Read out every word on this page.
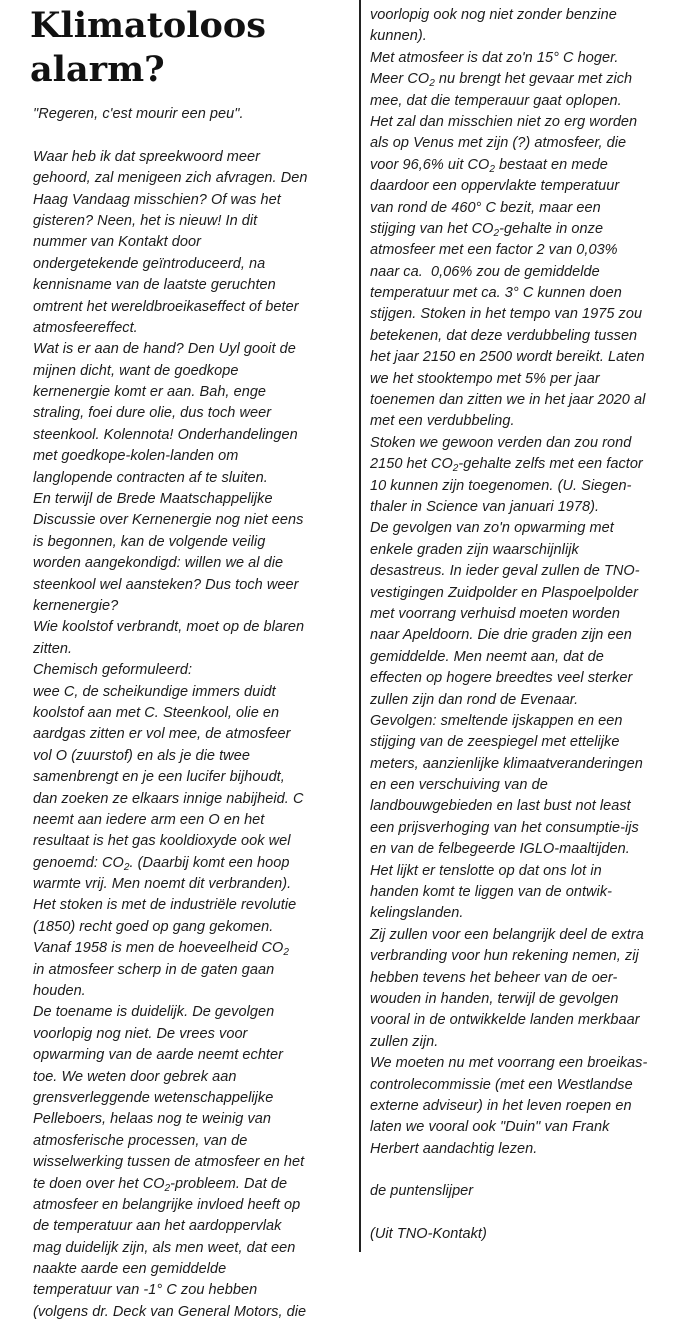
Klimatoloos alarm?
"Regeren, c'est mourir een peu".
Waar heb ik dat spreekwoord meer
gehoord, zal menigeen zich afvragen. Den
Haag Vandaag misschien? Of was het
gisteren? Neen, het is nieuw! In dit
nummer van Kontakt door
ondergetekende geïntroduceerd, na
kennisname van de laatste geruchten
omtrent het wereldbroeikaseffect of beter
atmosfeereffect.
Wat is er aan de hand? Den Uyl gooit de
mijnen dicht, want de goedkope
kernenergie komt er aan. Bah, enge
straling, foei dure olie, dus toch weer
steenkool. Kolennota! Onderhandelingen
met goedkope-kolen-landen om
langlopende contracten af te sluiten.
En terwijl de Brede Maatschappelijke
Discussie over Kernenergie nog niet eens
is begonnen, kan de volgende veilig
worden aangekondigd: willen we al die
steenkool wel aansteken? Dus toch weer
kernenergie?
Wie koolstof verbrandt, moet op de blaren
zitten.
Chemisch geformuleerd:
wee C, de scheikundige immers duidt
koolstof aan met C. Steenkool, olie en
aardgas zitten er vol mee, de atmosfeer
vol O (zuurstof) en als je die twee
samenbrengt en je een lucifer bijhoudt,
dan zoeken ze elkaars innige nabijheid. C
neemt aan iedere arm een O en het
resultaat is het gas kooldioxyde ook wel
genoemd: $CO_2$. (Daarbij komt een hoop
warmte vrij. Men noemt dit verbranden).
Het stoken is met de industriële revolutie
(1850) recht goed op gang gekomen.
Vanaf 1958 is men de hoeveelheid $CO_2$
in atmosfeer scherp in de gaten gaan
houden.
De toename is duidelijk. De gevolgen
voorlopig nog niet. De vrees voor
opwarming van de aarde neemt echter
toe. We weten door gebrek aan
grensverleggende wetenschappelijke
Pelleboers, helaas nog te weinig van
atmosferische processen, van de
wisselwerking tussen de atmosfeer en het
te doen over het $CO_2$-probleem. Dat de
atmosfeer en belangrijke invloed heeft op
de temperatuur aan het aardoppervlak
mag duidelijk zijn, als men weet, dat een
naakte aarde een gemiddelde
temperatuur van -1° C zou hebben
(volgens dr. Deck van General Motors, die
voorlopig ook nog niet zonder benzine
kunnen).
Met atmosfeer is dat zo'n 15° C hoger.
Meer $CO_2$ nu brengt het gevaar met zich
mee, dat die temperauur gaat oplopen.
Het zal dan misschien niet zo erg worden
als op Venus met zijn (?) atmosfeer, die
voor 96,6% uit $CO_2$ bestaat en mede
daardoor een oppervlakte temperatuur
van rond de 460° C bezit, maar een
stijging van het $CO_2$-gehalte in onze
atmosfeer met een factor 2 van 0,03%
naar ca.  0,06% zou de gemiddelde
temperatuur met ca. 3° C kunnen doen
stijgen. Stoken in het tempo van 1975 zou
betekenen, dat deze verdubbeling tussen
het jaar 2150 en 2500 wordt bereikt. Laten
we het stooktempo met 5% per jaar
toenemen dan zitten we in het jaar 2020 al
met een verdubbeling.
Stoken we gewoon verden dan zou rond
2150 het $CO_2$-gehalte zelfs met een factor
10 kunnen zijn toegenomen. (U. Siegen-
thaler in Science van januari 1978).
De gevolgen van zo'n opwarming met
enkele graden zijn waarschijnlijk
desastreus. In ieder geval zullen de TNO-
vestigingen Zuidpolder en Plaspoelpolder
met voorrang verhuisd moeten worden
naar Apeldoorn. Die drie graden zijn een
gemiddelde. Men neemt aan, dat de
effecten op hogere breedtes veel sterker
zullen zijn dan rond de Evenaar.
Gevolgen: smeltende ijskappen en een
stijging van de zeespiegel met ettelijke
meters, aanzienlijke klimaatveranderingen
en een verschuiving van de
landbouwgebieden en last bust not least
een prijsverhoging van het consumptie-ijs
en van de felbegeerde IGLO-maaltijden.
Het lijkt er tenslotte op dat ons lot in
handen komt te liggen van de ontwik-
kelingslanden.
Zij zullen voor een belangrijk deel de extra
verbranding voor hun rekening nemen, zij
hebben tevens het beheer van de oer-
wouden in handen, terwijl de gevolgen
vooral in de ontwikkelde landen merkbaar
zullen zijn.
We moeten nu met voorrang een broeikas-
controlecommissie (met een Westlandse
externe adviseur) in het leven roepen en
laten we vooral ook "Duin" van Frank
Herbert aandachtig lezen.
de puntenslijper
(Uit TNO-Kontakt)
